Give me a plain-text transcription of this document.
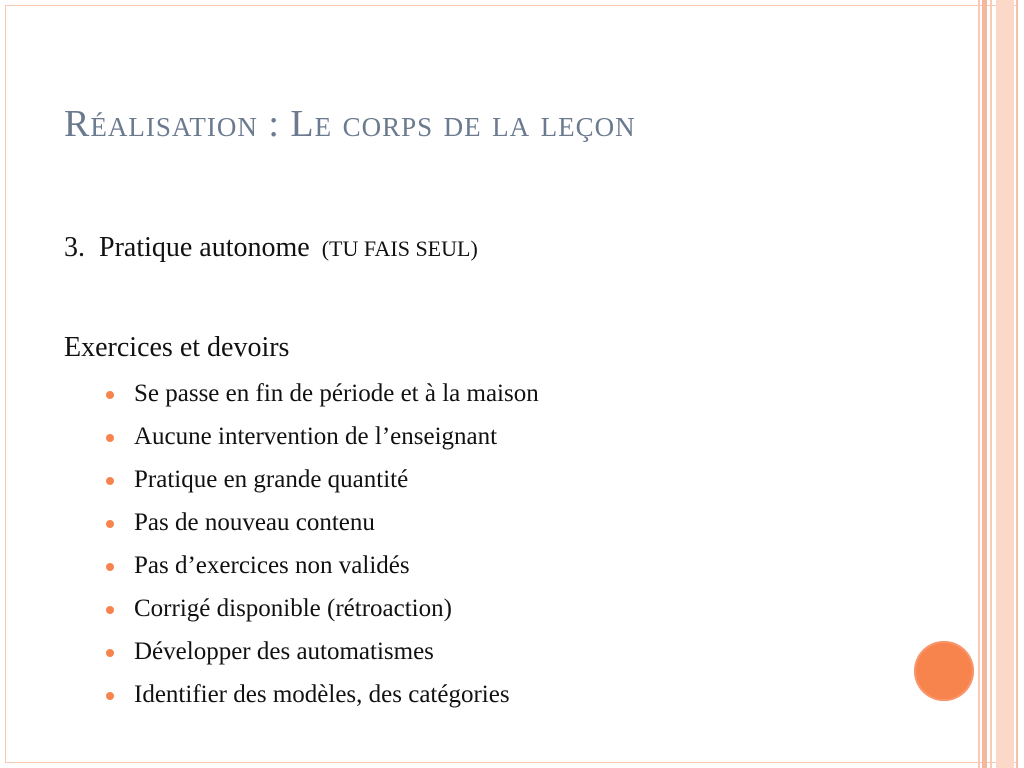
Réalisation : Le corps de la leçon
3. Pratique autonome (TU FAIS SEUL)
Exercices et devoirs
Se passe en fin de période et à la maison
Aucune intervention de l’enseignant
Pratique en grande quantité
Pas de nouveau contenu
Pas d’exercices non validés
Corrigé disponible (rétroaction)
Développer des automatismes
Identifier des modèles, des catégories
